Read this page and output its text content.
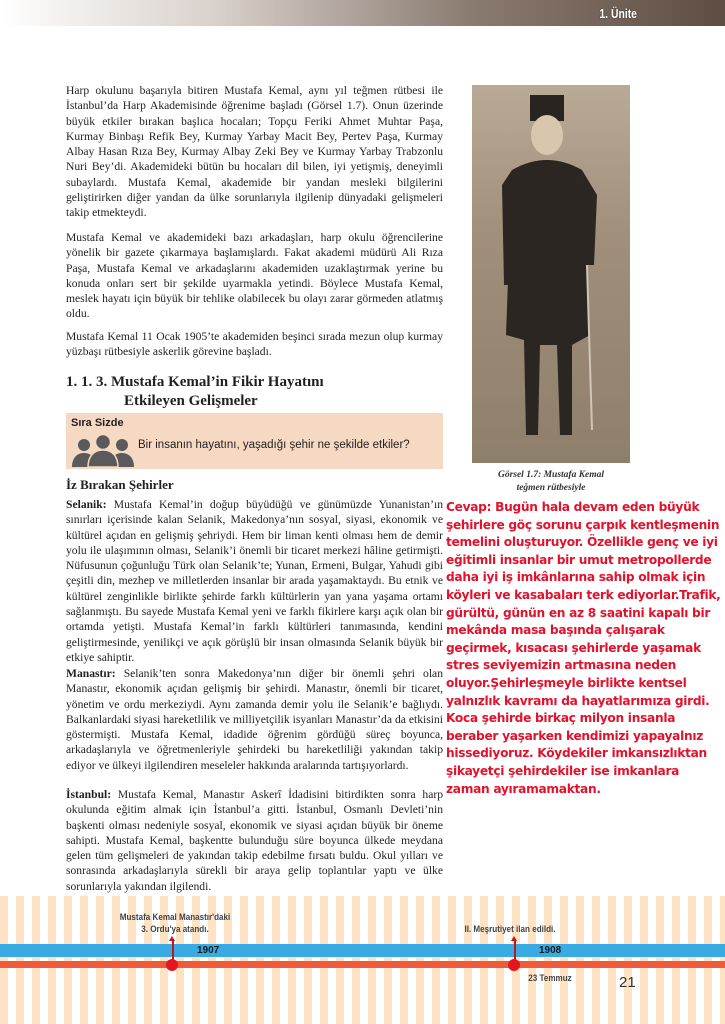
1. Ünite

Harp okulunu başarıyla bitiren Mustafa Kemal, aynı yıl teğmen rütbesi ile İstanbul’da Harp Akademisinde öğrenime başladı (Görsel 1.7). Onun üzerinde büyük etkiler bırakan başlıca hocaları; Topçu Feriki Ahmet Muhtar Paşa, Kurmay Binbaşı Refik Bey, Kurmay Yarbay Macit Bey, Pertev Paşa, Kurmay Albay Hasan Rıza Bey, Kurmay Albay Zeki Bey ve Kurmay Yarbay Trabzonlu Nuri Bey’di. Akademideki bütün bu hocaları dil bilen, iyi yetişmiş, deneyimli subaylardı. Mustafa Kemal, akademide bir yandan mesleki bilgilerini geliştirirken diğer yandan da ülke sorunlarıyla ilgilenip dünyadaki gelişmeleri takip etmekteydi.

Mustafa Kemal ve akademideki bazı arkadaşları, harp okulu öğrencilerine yönelik bir gazete çıkarmaya başlamışlardı. Fakat akademi müdürü Ali Rıza Paşa, Mustafa Kemal ve arkadaşlarını akademiden uzaklaştırmak yerine bu konuda onları sert bir şekilde uyarmakla yetindi. Böylece Mustafa Kemal, meslek hayatı için büyük bir tehlike olabilecek bu olayı zarar görmeden atlatmış oldu.

Mustafa Kemal 11 Ocak 1905’te akademiden beşinci sırada mezun olup kurmay yüzbaşı rütbesiyle askerlik görevine başladı.

1. 1. 3. Mustafa Kemal’in Fikir Hayatını
Etkileyen Gelişmeler
Sıra Sizde
Bir insanın hayatını, yaşadığı şehir ne şekilde etkiler?
İz Bırakan Şehirler

Selanik: Mustafa Kemal’in doğup büyüdüğü ve günümüzde Yunanistan’ın sınırları içerisinde kalan Selanik, Makedonya’nın sosyal, siyasi, ekonomik ve kültürel açıdan en gelişmiş şehriydi. Hem bir liman kenti olması hem de demir yolu ile ulaşımının olması, Selanik’i önemli bir ticaret merkezi hâline getirmişti. Nüfusunun çoğunluğu Türk olan Selanik’te; Yunan, Ermeni, Bulgar, Yahudi gibi çeşitli din, mezhep ve milletlerden insanlar bir arada yaşamaktaydı. Bu etnik ve kültürel zenginlikle birlikte şehirde farklı kültürlerin yan yana yaşama ortamı sağlanmıştı. Bu sayede Mustafa Kemal yeni ve farklı fikirlere karşı açık olan bir ortamda yetişti. Mustafa Kemal’in farklı kültürleri tanımasında, kendini geliştirmesinde, yenilikçi ve açık görüşlü bir insan olmasında Selanik büyük bir etkiye sahiptir.

Manastır: Selanik’ten sonra Makedonya’nın diğer bir önemli şehri olan Manastır, ekonomik açıdan gelişmiş bir şehirdi. Manastır, önemli bir ticaret, yönetim ve ordu merkeziydi. Aynı zamanda demir yolu ile Selanik’e bağlıydı. Balkanlardaki siyasi hareketlilik ve milliyetçilik isyanları Manastır’da da etkisini göstermişti. Mustafa Kemal, idadide öğrenim gördüğü süreç boyunca, arkadaşlarıyla ve öğretmenleriyle şehirdeki bu hareketliliği yakından takip ediyor ve ülkeyi ilgilendiren meseleler hakkında aralarında tartışıyorlardı.

İstanbul: Mustafa Kemal, Manastır Askerî İdadisini bitirdikten sonra harp okulunda eğitim almak için İstanbul’a gitti. İstanbul, Osmanlı Devleti’nin başkenti olması nedeniyle sosyal, ekonomik ve siyasi açıdan büyük bir öneme sahipti. Mustafa Kemal, başkentte bulunduğu süre boyunca ülkede meydana gelen tüm gelişmeleri de yakından takip edebilme fırsatı buldu. Okul yılları ve sonrasında arkadaşlarıyla sürekli bir araya gelip toplantılar yaptı ve ülke sorunlarıyla yakından ilgilendi.

Görsel 1.7: Mustafa Kemal
teğmen rütbesiyle
Cevap: Bugün hala devam eden büyük şehirlere göç sorunu çarpık kentleşmenin temelini oluşturuyor. Özellikle genç ve iyi eğitimli insanlar bir umut metropollerde daha iyi iş imkânlarına sahip olmak için köyleri ve kasabaları terk ediyorlar.Trafik, gürültü, günün en az 8 saatini kapalı bir mekânda masa başında çalışarak geçirmek, kısacası şehirlerde yaşamak stres seviyemizin artmasına neden oluyor.Şehirleşmeyle birlikte kentsel yalnızlık kavramı da hayatlarımıza girdi. Koca şehirde birkaç milyon insanla beraber yaşarken kendimizi yapayalnız hissediyoruz. Köydekiler imkansızlıktan şikayetçi şehirdekiler ise imkanlara zaman ayıramamaktan.
Mustafa Kemal Manastır'daki
3. Ordu'ya atandı.	II. Meşrutiyet ilan edildi.
1907	1908
23 Temmuz	21
